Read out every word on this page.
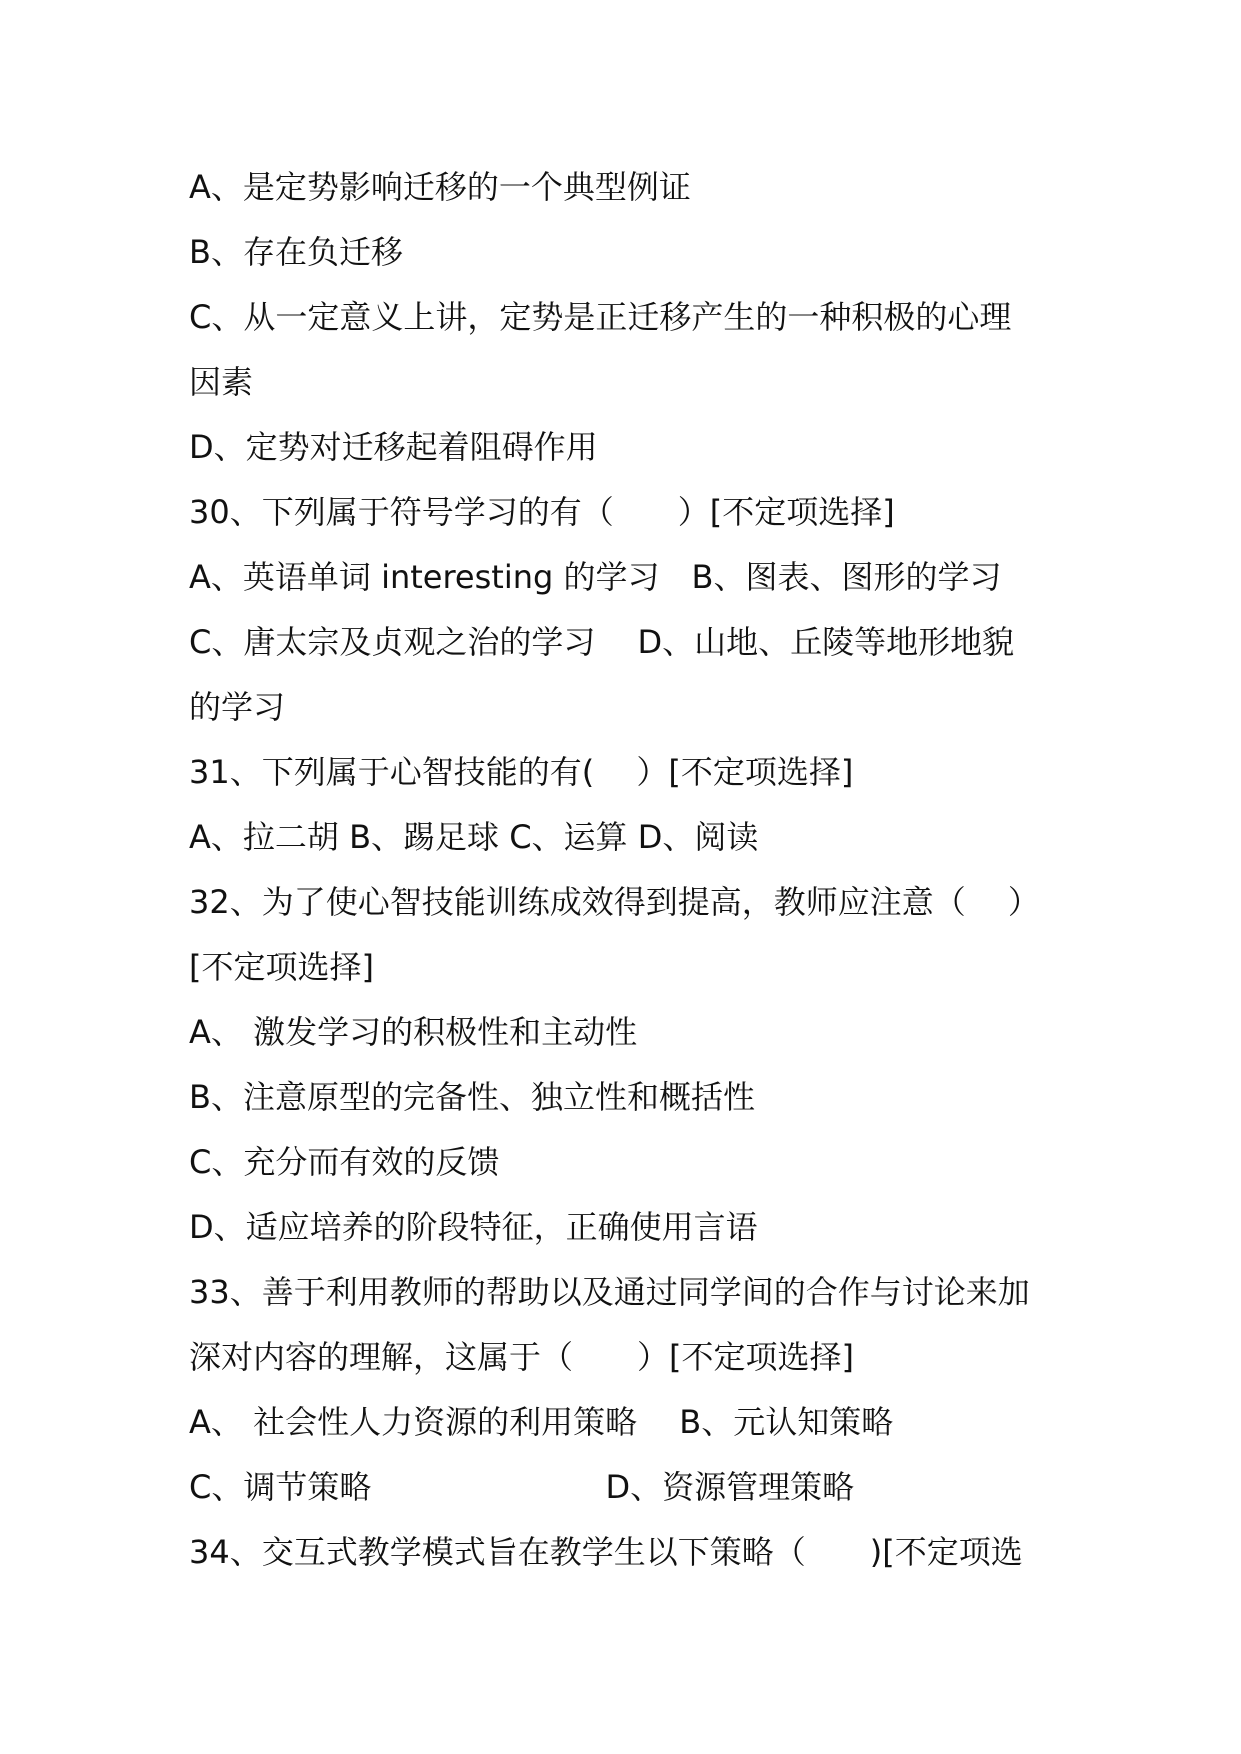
A、是定势影响迁移的一个典型例证
B、存在负迁移
C、从一定意义上讲，定势是正迁移产生的一种积极的心理
因素
D、定势对迁移起着阻碍作用
30、下列属于符号学习的有（　　）[不定项选择]
A、英语单词 interesting 的学习　B、图表、图形的学习
C、唐太宗及贞观之治的学习　 D、山地、丘陵等地形地貌
的学习
31、下列属于心智技能的有(　 ）[不定项选择]
A、拉二胡 B、踢足球 C、运算 D、阅读
32、为了使心智技能训练成效得到提高，教师应注意（　 ）
[不定项选择]
A、 激发学习的积极性和主动性
B、注意原型的完备性、独立性和概括性
C、充分而有效的反馈
D、适应培养的阶段特征，正确使用言语
33、善于利用教师的帮助以及通过同学间的合作与讨论来加
深对内容的理解，这属于（　　）[不定项选择]
A、 社会性人力资源的利用策略　 B、元认知策略
C、调节策略　　　　　　　 D、资源管理策略
34、交互式教学模式旨在教学生以下策略（　　)[不定项选
